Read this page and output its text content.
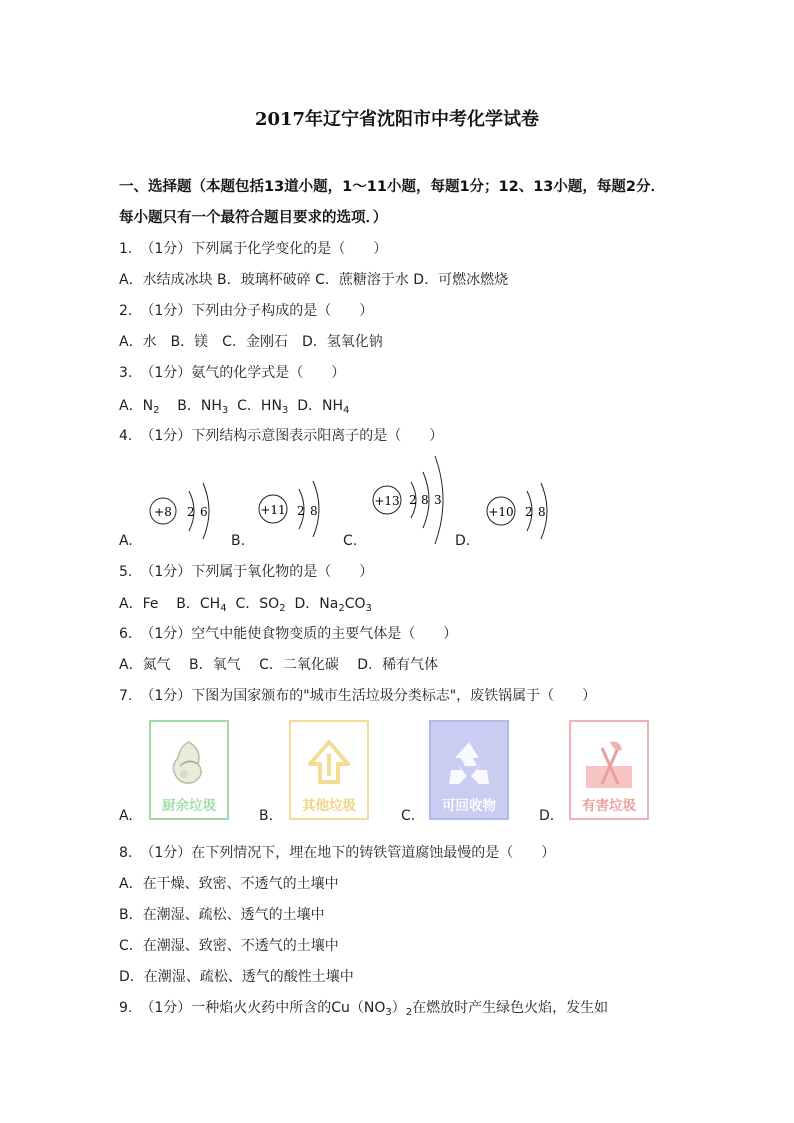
2017年辽宁省沈阳市中考化学试卷
一、选择题（本题包括13道小题，1～11小题，每题1分；12、13小题，每题2分．每小题只有一个最符合题目要求的选项．）
1. （1分）下列属于化学变化的是（　　）
A．水结成冰块 B．玻璃杯破碎 C．蔗糖溶于水 D．可燃冰燃烧
2. （1分）下列由分子构成的是（　　）
A．水　B．镁　C．金刚石　D．氢氧化钠
3. （1分）氨气的化学式是（　　）
A．$N_2$ B．$NH_3$ C．$HN_3$ D．$NH_4$
4. （1分）下列结构示意图表示阳离子的是（　　）
A.
+8 2 6
B.
+11 2 8
C.
+13 2 8 3
D.
+10 2 8
5. （1分）下列属于氧化物的是（　　）
A．Fe B．$CH_4$ C．$SO_2$ D．$Na_2CO_3$
6. （1分）空气中能使食物变质的主要气体是（　　）
A．氮气　 B．氧气　 C．二氧化碳　 D．稀有气体
7. （1分）下图为国家颁布的"城市生活垃圾分类标志"，废铁锅属于（　　）
A.
厨余垃圾
B.
其他垃圾
C.
可回收物
D.
有害垃圾
8. （1分）在下列情况下，埋在地下的铸铁管道腐蚀最慢的是（　　）
A．在干燥、致密、不透气的土壤中
B．在潮湿、疏松、透气的土壤中
C．在潮湿、致密、不透气的土壤中
D．在潮湿、疏松、透气的酸性土壤中
9. （1分）一种焰火火药中所含的$Cu(NO_3)_2$在燃放时产生绿色火焰，发生如
